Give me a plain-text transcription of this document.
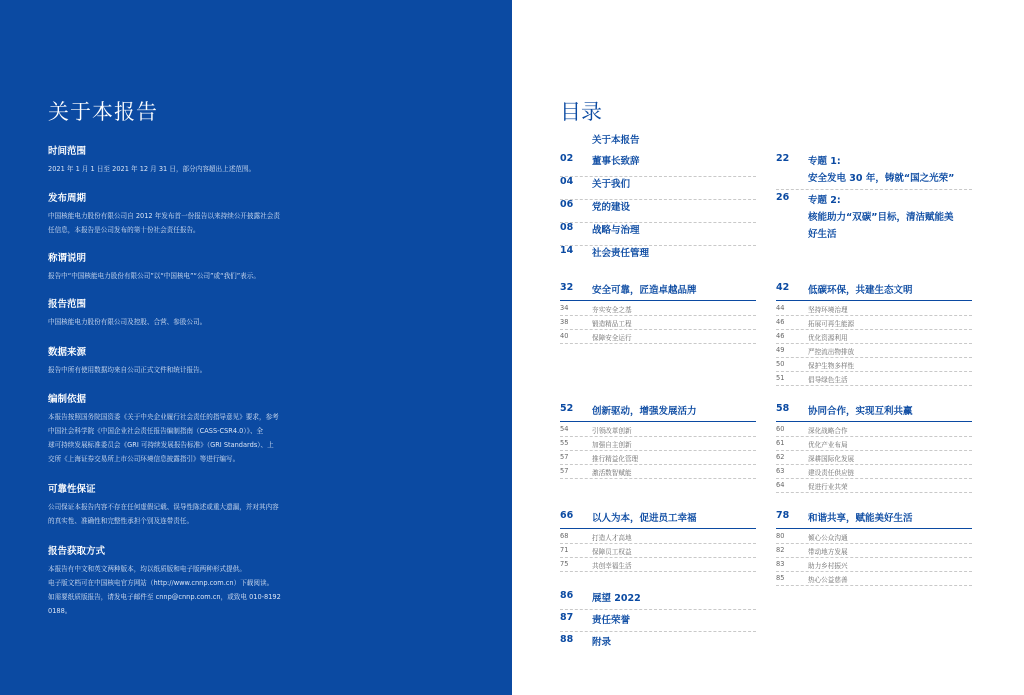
关于本报告
时间范围
2021 年 1 月 1 日至 2021 年 12 月 31 日，部分内容超出上述范围。
发布周期
中国核能电力股份有限公司自 2012 年发布首一份报告以来持续公开披露社会责
任信息，本报告是公司发布的第十份社会责任报告。
称谓说明
报告中“中国核能电力股份有限公司”以“中国核电”“公司”或“我们”表示。
报告范围
中国核能电力股份有限公司及控股、合营、参股公司。
数据来源
报告中所有使用数据均来自公司正式文件和统计报告。
编制依据
本报告按照国务院国资委《关于中央企业履行社会责任的指导意见》要求，参考
中国社会科学院《中国企业社会责任报告编制指南（CASS-CSR4.0）》、全
球可持续发展标准委员会《GRI 可持续发展报告标准》（GRI Standards）、上
交所《上海证券交易所上市公司环境信息披露指引》等进行编写。
可靠性保证
公司保证本报告内容不存在任何虚假记载、误导性陈述或重大遗漏，并对其内容
的真实性、准确性和完整性承担个别及连带责任。
报告获取方式
本报告有中文和英文两种版本，均以纸质版和电子版两种形式提供。
电子版文档可在中国核电官方网站（http://www.cnnp.com.cn）下载阅读。
如需要纸质版报告，请发电子邮件至 cnnp@cnnp.com.cn，或致电 010-8192
0188。
目录
关于本报告
02	董事长致辞
04	关于我们
06	党的建设
08	战略与治理
14	社会责任管理
22	专题 1:
安全发电 30 年，铸就“国之光荣”
26	专题 2:
核能助力“双碳”目标，清洁赋能美
好生活
32	安全可靠，匠造卓越品牌
34	夯实安全之基
38	锻造精品工程
40	保障安全运行
42	低碳环保，共建生态文明
44	坚持环境治理
46	拓展可再生能源
46	优化资源利用
49	严控流出物排放
50	保护生物多样性
51	倡导绿色生活
52	创新驱动，增强发展活力
54	引领改革创新
55	加强自主创新
57	推行精益化管理
57	激活数智赋能
58	协同合作，实现互利共赢
60	深化战略合作
61	优化产业布局
62	深耕国际化发展
63	建设责任供应链
64	促进行业共荣
66	以人为本，促进员工幸福
68	打造人才高地
71	保障员工权益
75	共创幸福生活
78	和谐共享，赋能美好生活
80	倾心公众沟通
82	带动地方发展
83	助力乡村振兴
85	热心公益慈善
86	展望 2022
87	责任荣誉
88	附录
